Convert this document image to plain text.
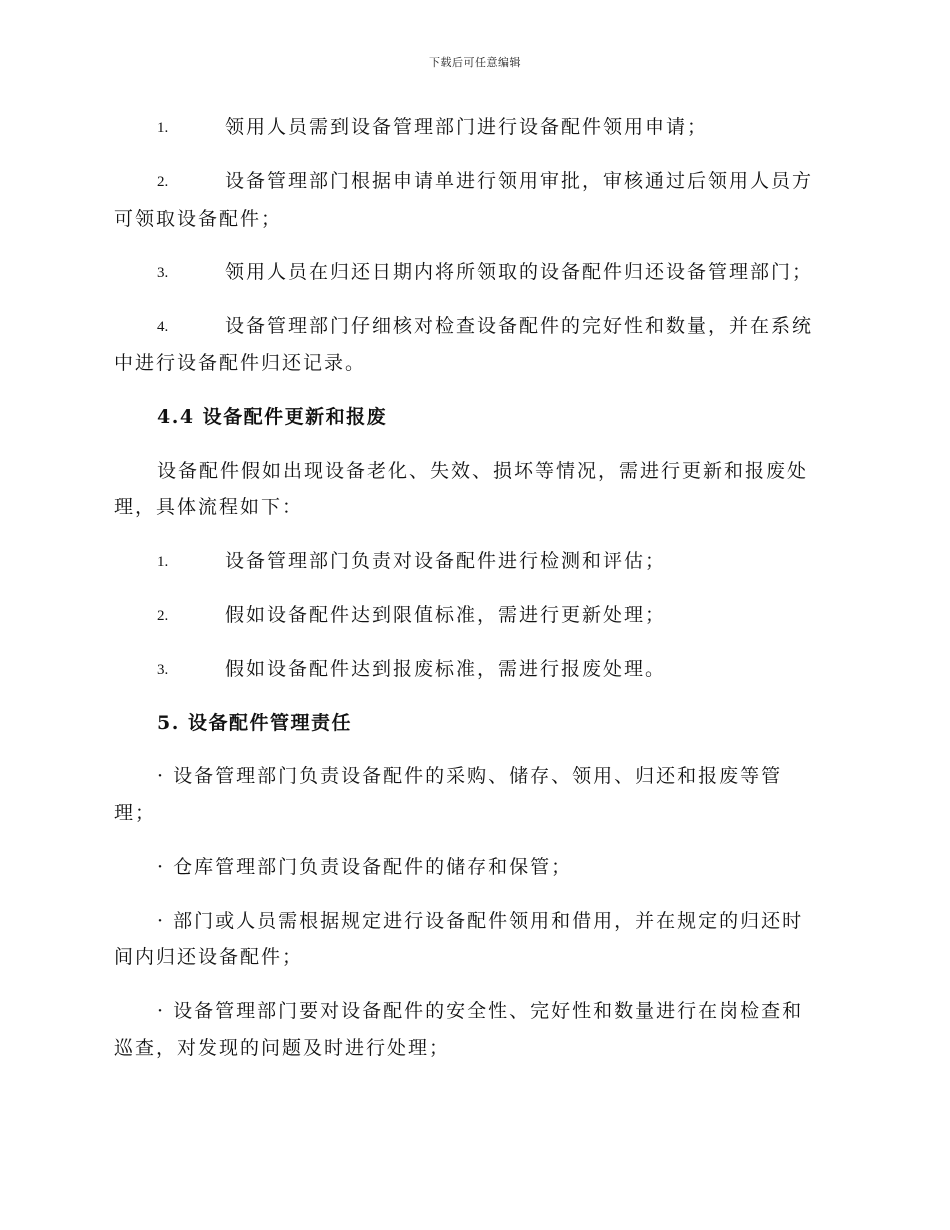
下载后可任意编辑
1.	领用人员需到设备管理部门进行设备配件领用申请；
2.	设备管理部门根据申请单进行领用审批，审核通过后领用人员方
可领取设备配件；
3.	领用人员在归还日期内将所领取的设备配件归还设备管理部门；
4.	设备管理部门仔细核对检查设备配件的完好性和数量，并在系统
中进行设备配件归还记录。
4.4 设备配件更新和报废
设备配件假如出现设备老化、失效、损坏等情况，需进行更新和报废处
理，具体流程如下：
1.	设备管理部门负责对设备配件进行检测和评估；
2.	假如设备配件达到限值标准，需进行更新处理；
3.	假如设备配件达到报废标准，需进行报废处理。
5. 设备配件管理责任
· 设备管理部门负责设备配件的采购、储存、领用、归还和报废等管
理；
· 仓库管理部门负责设备配件的储存和保管；
· 部门或人员需根据规定进行设备配件领用和借用，并在规定的归还时
间内归还设备配件；
· 设备管理部门要对设备配件的安全性、完好性和数量进行在岗检查和
巡查，对发现的问题及时进行处理；
